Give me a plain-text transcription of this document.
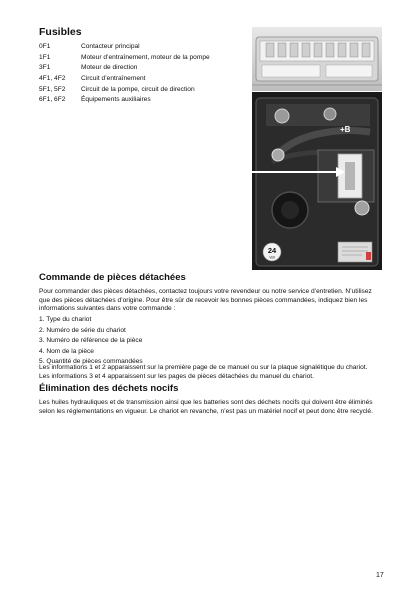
Fusibles
0F1	Contacteur principal
1F1	Moteur d’entraînement, moteur de la pompe
3F1	Moteur de direction
4F1, 4F2	Circuit d’entraînement
5F1, 5F2	Circuit de la pompe, circuit de direction
6F1, 6F2	Équipements auxiliaires
+B
24
Volt
Commande de pièces détachées
Pour commander des pièces détachées, contactez toujours votre revendeur ou notre service d’entretien. N’utilisez que des pièces détachées d’origine. Pour être sûr de recevoir les bonnes pièces commandées, indiquez bien les informations suivantes dans votre commande :
1. Type du chariot
2. Numéro de série du chariot
3. Numéro de référence de la pièce
4. Nom de la pièce
5. Quantité de pièces commandées
Les informations 1 et 2 apparaissent sur la première page de ce manuel ou sur la plaque signalétique du chariot.
Les informations 3 et 4 apparaissent sur les pages de pièces détachées du manuel du chariot.
Élimination des déchets nocifs
Les huiles hydrauliques et de transmission ainsi que les batteries sont des déchets nocifs qui doivent être éliminés selon les réglementations en vigueur. Le chariot en revanche, n’est pas un matériel nocif et peut donc être recyclé.
17
